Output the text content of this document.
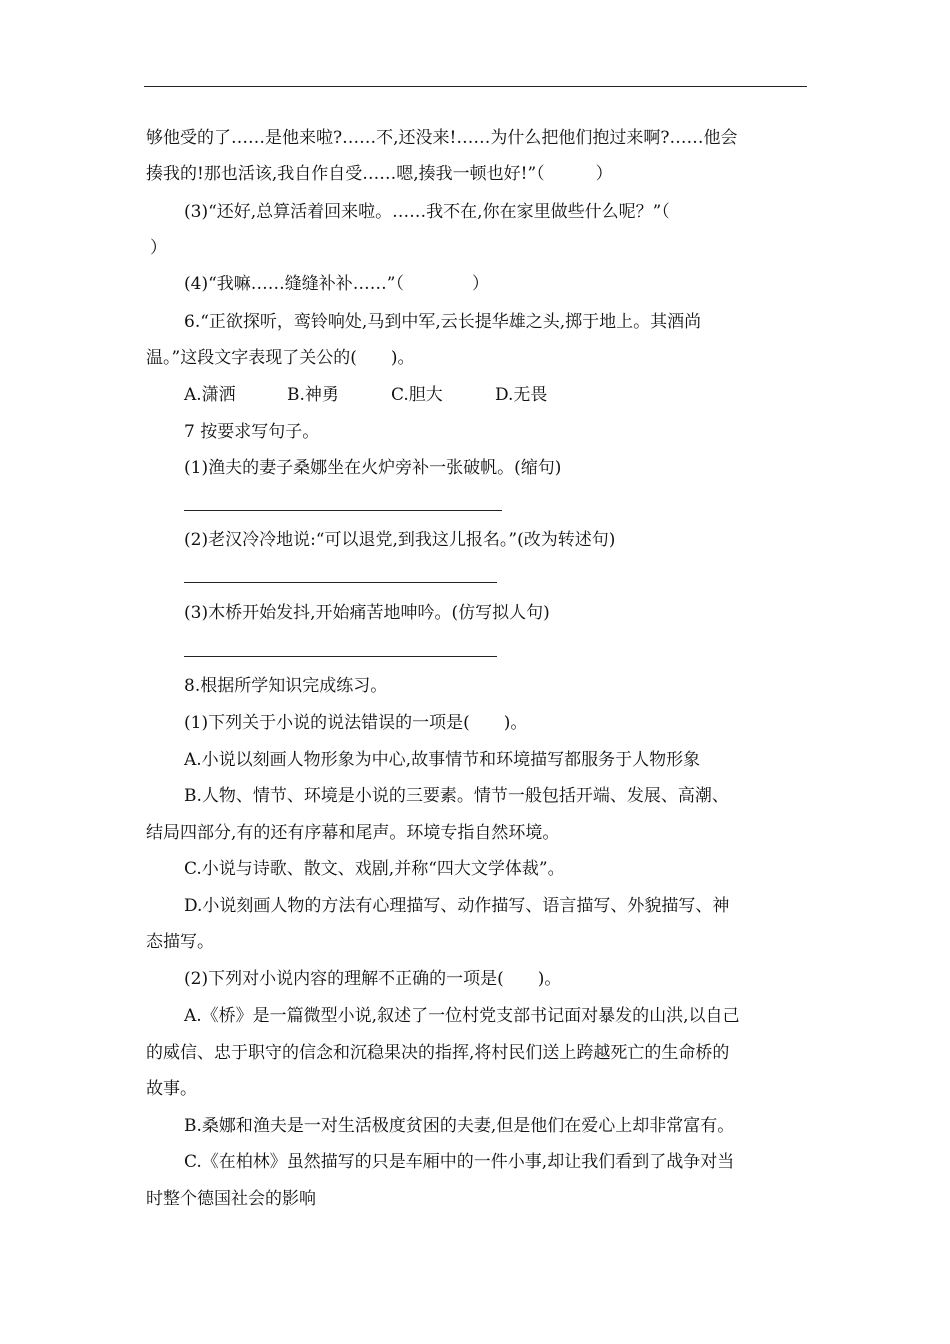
够他受的了……是他来啦?……不,还没来!……为什么把他们抱过来啊?……他会
揍我的!那也活该,我自作自受……嗯,揍我一顿也好!”（　　　）
(3)“还好,总算活着回来啦。……我不在,你在家里做些什么呢？”（
）
(4)“我嘛……缝缝补补……”（　　　　）
6.“正欲探听，鸾铃响处,马到中军,云长提华雄之头,掷于地上。其酒尚
温。”这段文字表现了关公的(　　)。
A.潇洒	B.神勇	C.胆大	D.无畏
7 按要求写句子。
(1)渔夫的妻子桑娜坐在火炉旁补一张破帆。(缩句)
(2)老汉冷冷地说:“可以退党,到我这儿报名。”(改为转述句)
(3)木桥开始发抖,开始痛苦地呻吟。(仿写拟人句)
8.根据所学知识完成练习。
(1)下列关于小说的说法错误的一项是(　　)。
A.小说以刻画人物形象为中心,故事情节和环境描写都服务于人物形象
B.人物、情节、环境是小说的三要素。情节一般包括开端、发展、高潮、
结局四部分,有的还有序幕和尾声。环境专指自然环境。
C.小说与诗歌、散文、戏剧,并称“四大文学体裁”。
D.小说刻画人物的方法有心理描写、动作描写、语言描写、外貌描写、神
态描写。
(2)下列对小说内容的理解不正确的一项是(　　)。
A.《桥》是一篇微型小说,叙述了一位村党支部书记面对暴发的山洪,以自己
的威信、忠于职守的信念和沉稳果决的指挥,将村民们送上跨越死亡的生命桥的
故事。
B.桑娜和渔夫是一对生活极度贫困的夫妻,但是他们在爱心上却非常富有。
C.《在柏林》虽然描写的只是车厢中的一件小事,却让我们看到了战争对当
时整个德国社会的影响
